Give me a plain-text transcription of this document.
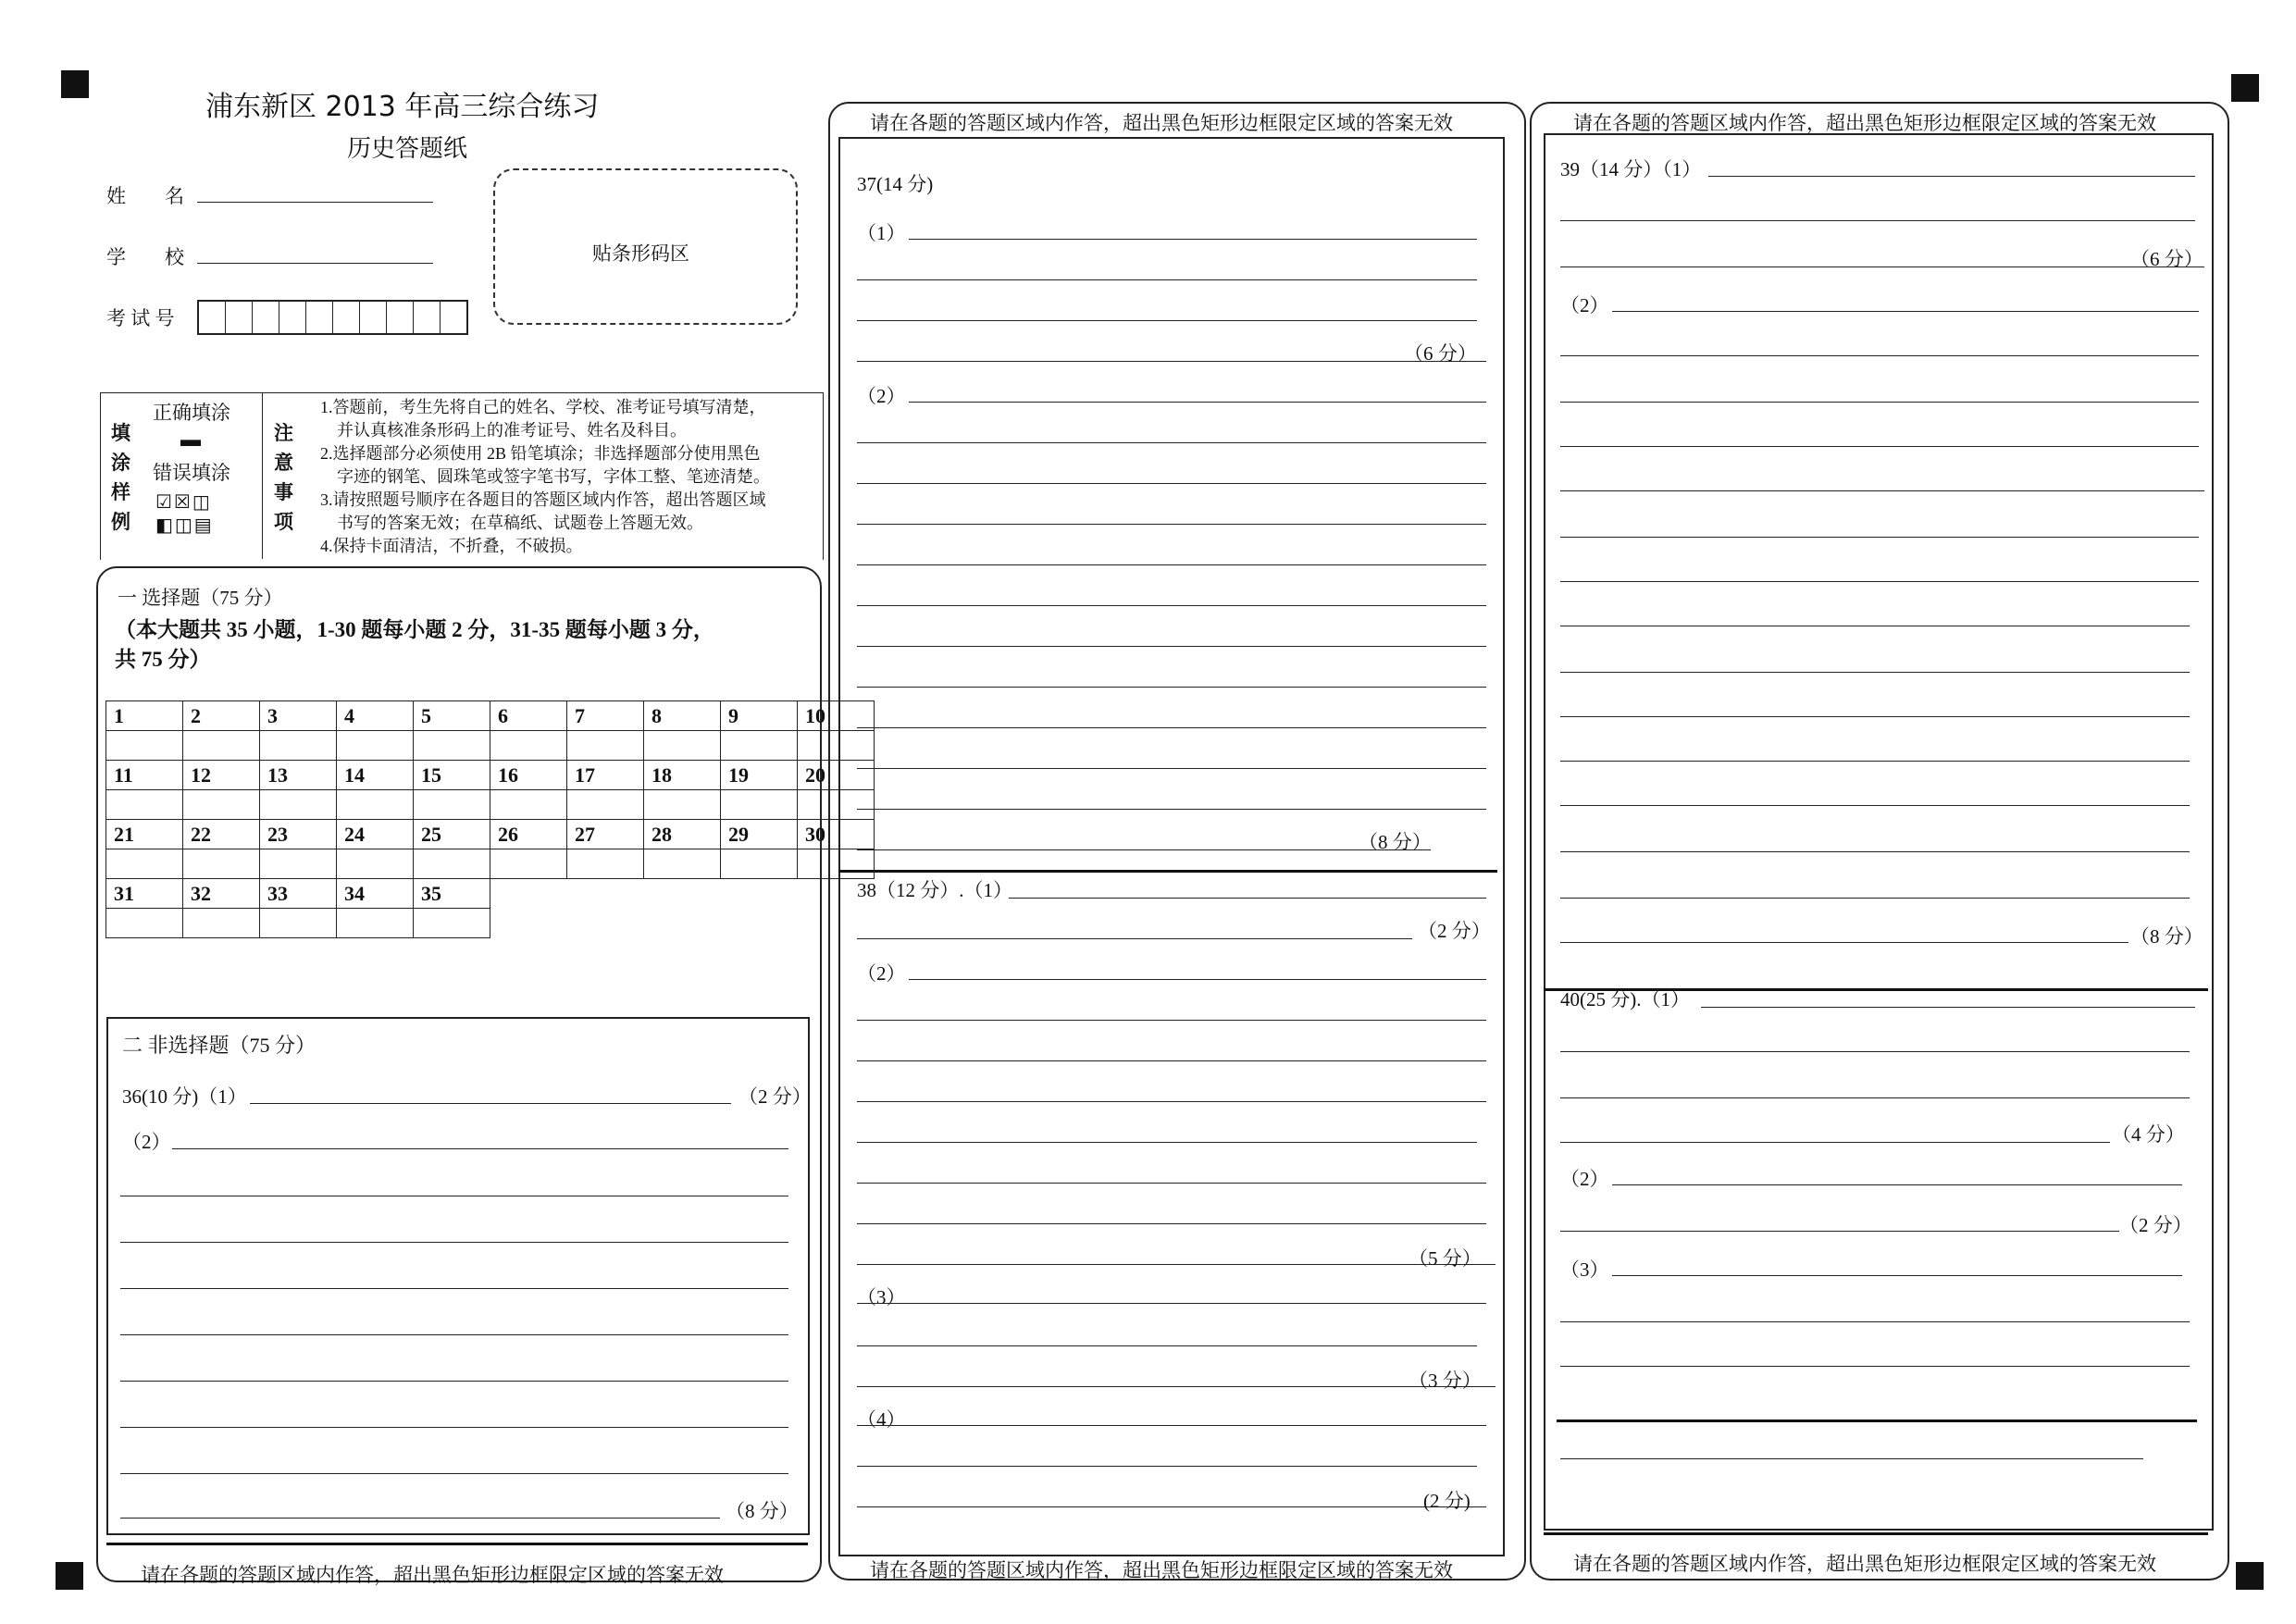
浦东新区 2013 年高三综合练习
历史答题纸
姓　　名
学　　校
考 试 号
贴条形码区
填
涂
样
例
正确填涂
▬
错误填涂
☑☒◫
◧◫▤
注
意
事
项
1.答题前，考生先将自己的姓名、学校、准考证号填写清楚，
　并认真核准条形码上的准考证号、姓名及科目。
2.选择题部分必须使用 2B 铅笔填涂；非选择题部分使用黑色
　字迹的钢笔、圆珠笔或签字笔书写，字体工整、笔迹清楚。
3.请按照题号顺序在各题目的答题区域内作答，超出答题区域
　书写的答案无效；在草稿纸、试题卷上答题无效。
4.保持卡面清洁，不折叠，不破损。
一 选择题（75 分）
（本大题共 35 小题，1-30 题每小题 2 分，31-35 题每小题 3 分，
共 75 分）
1	2	3	4	5	6	7	8	9	10

11	12	13	14	15	16	17	18	19	20

21	22	23	24	25	26	27	28	29	30

31	32	33	34	35					

二 非选择题（75 分）
36(10 分)（1）	（2 分）
（2）
（8 分）
请在各题的答题区域内作答，超出黑色矩形边框限定区域的答案无效
请在各题的答题区域内作答，超出黑色矩形边框限定区域的答案无效
请在各题的答题区域内作答，超出黑色矩形边框限定区域的答案无效
37(14 分)
（1）
（6 分）
（2）
（8 分）
38（12 分）.（1）
（2 分）
（2）
（5 分）
（3）
（3 分）
（4）
(2 分)
请在各题的答题区域内作答，超出黑色矩形边框限定区域的答案无效
请在各题的答题区域内作答，超出黑色矩形边框限定区域的答案无效
39（14 分）（1）
（6 分）
（2）
（8 分）
40(25 分).（1）
（4 分）
（2）
（2 分）
（3）
